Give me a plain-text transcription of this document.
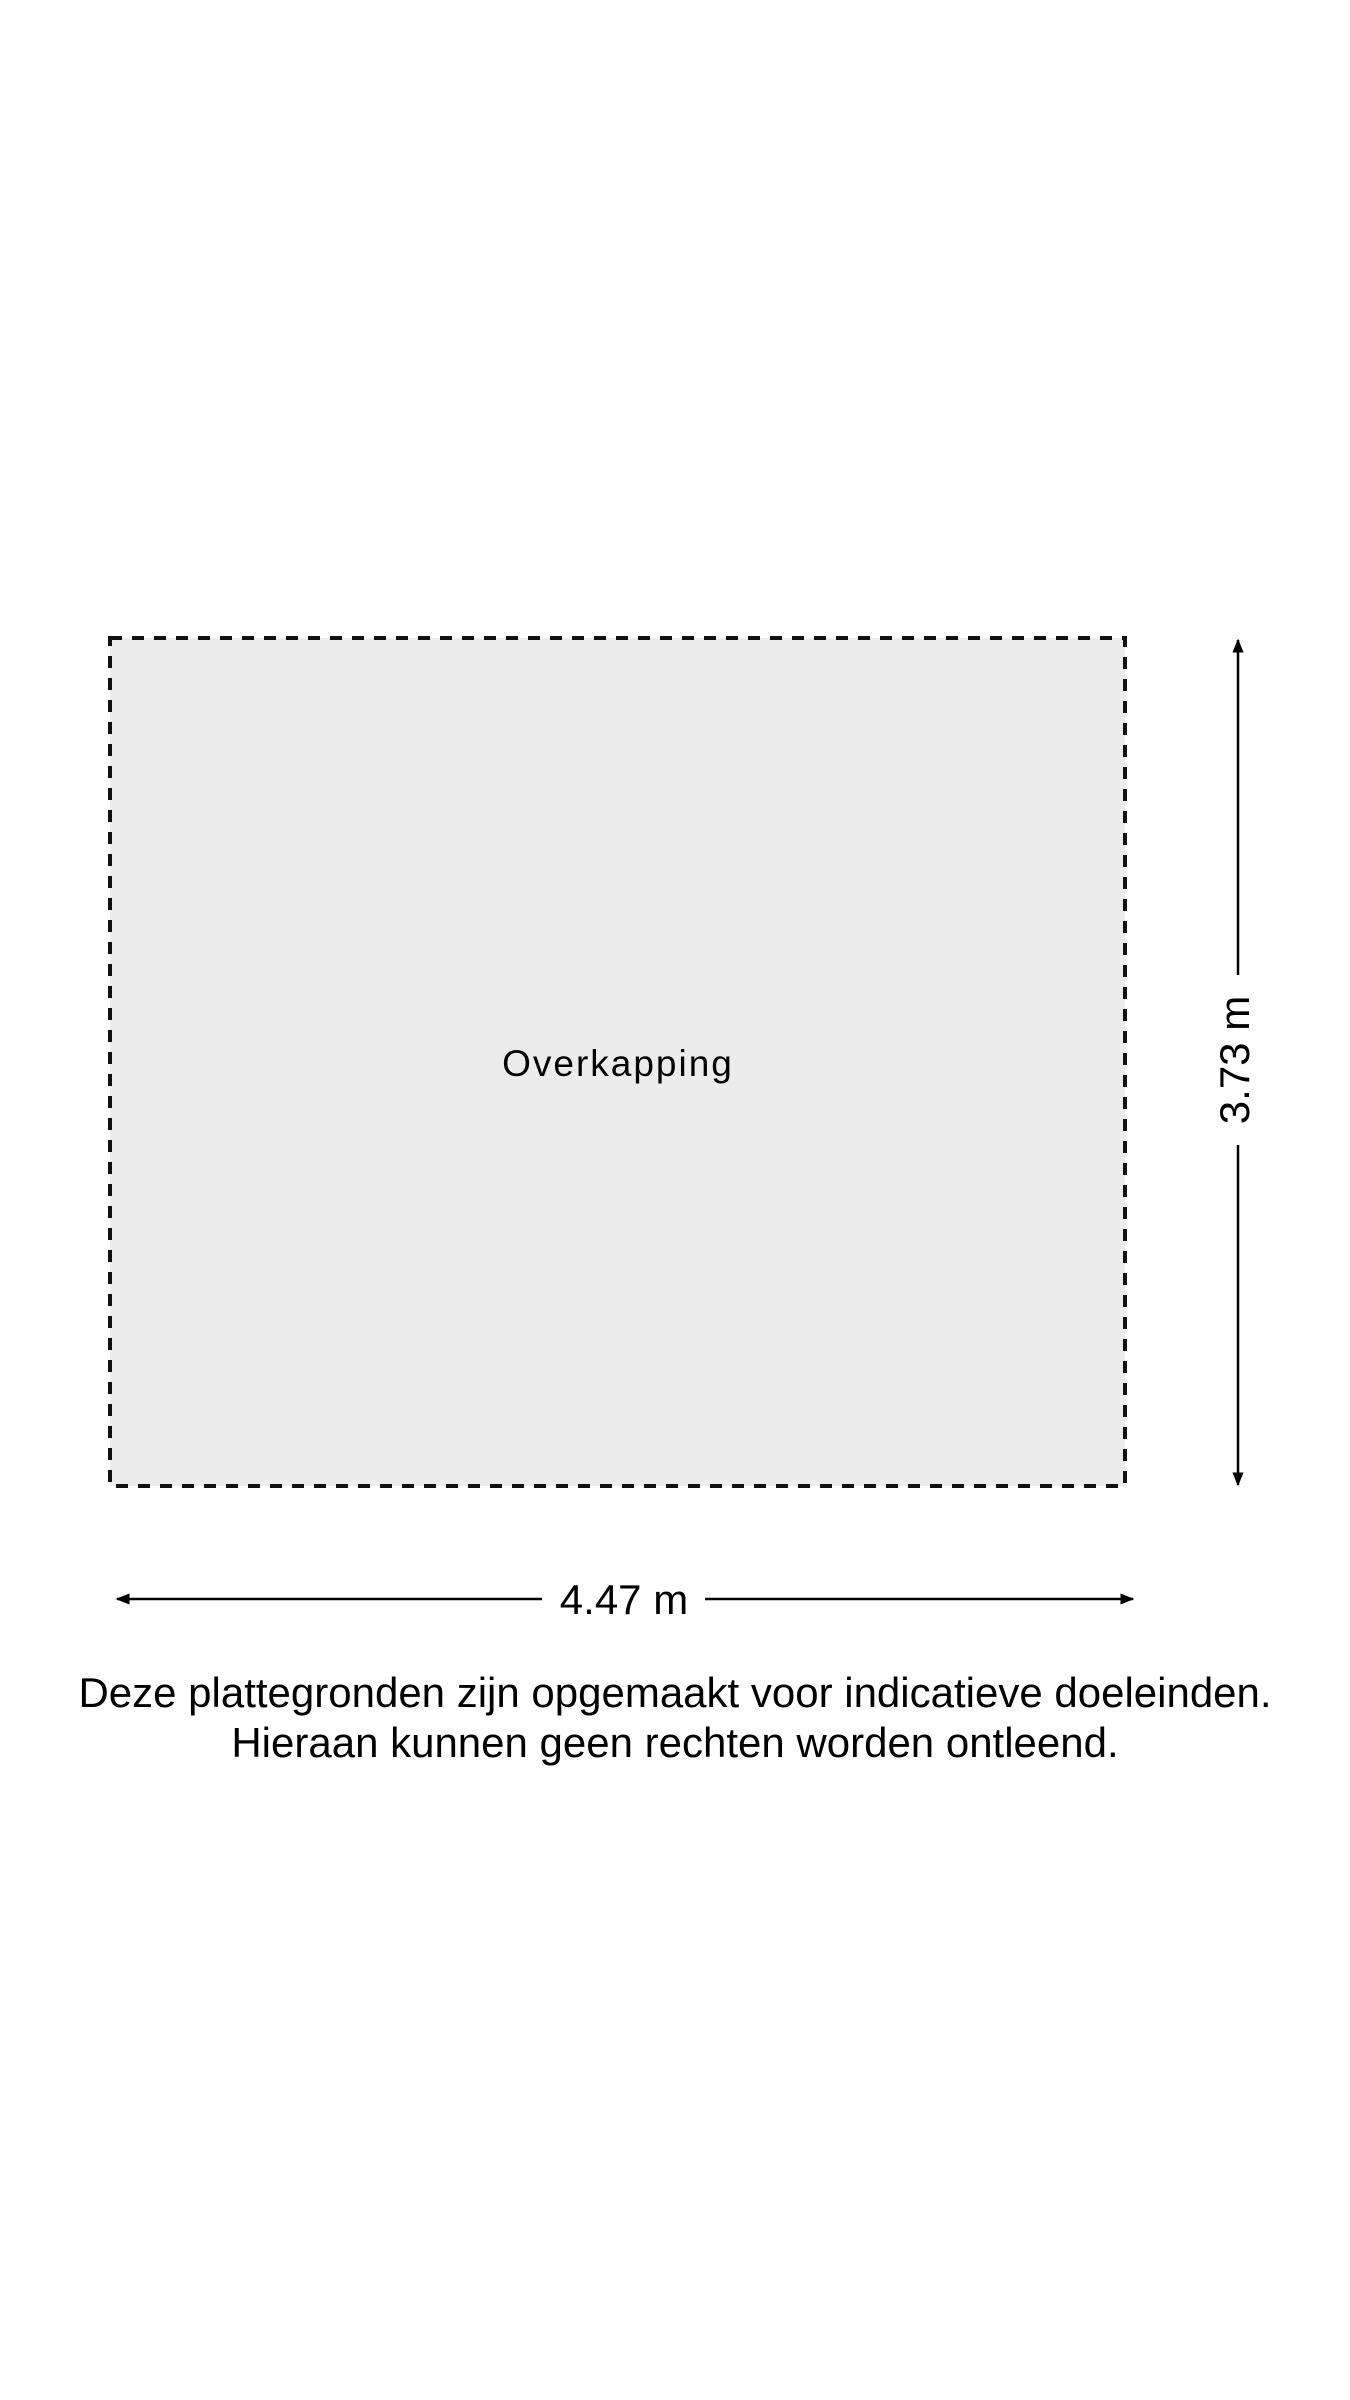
Overkapping	3.73 m
4.47 m
Deze plattegronden zijn opgemaakt voor indicatieve doeleinden.
Hieraan kunnen geen rechten worden ontleend.
